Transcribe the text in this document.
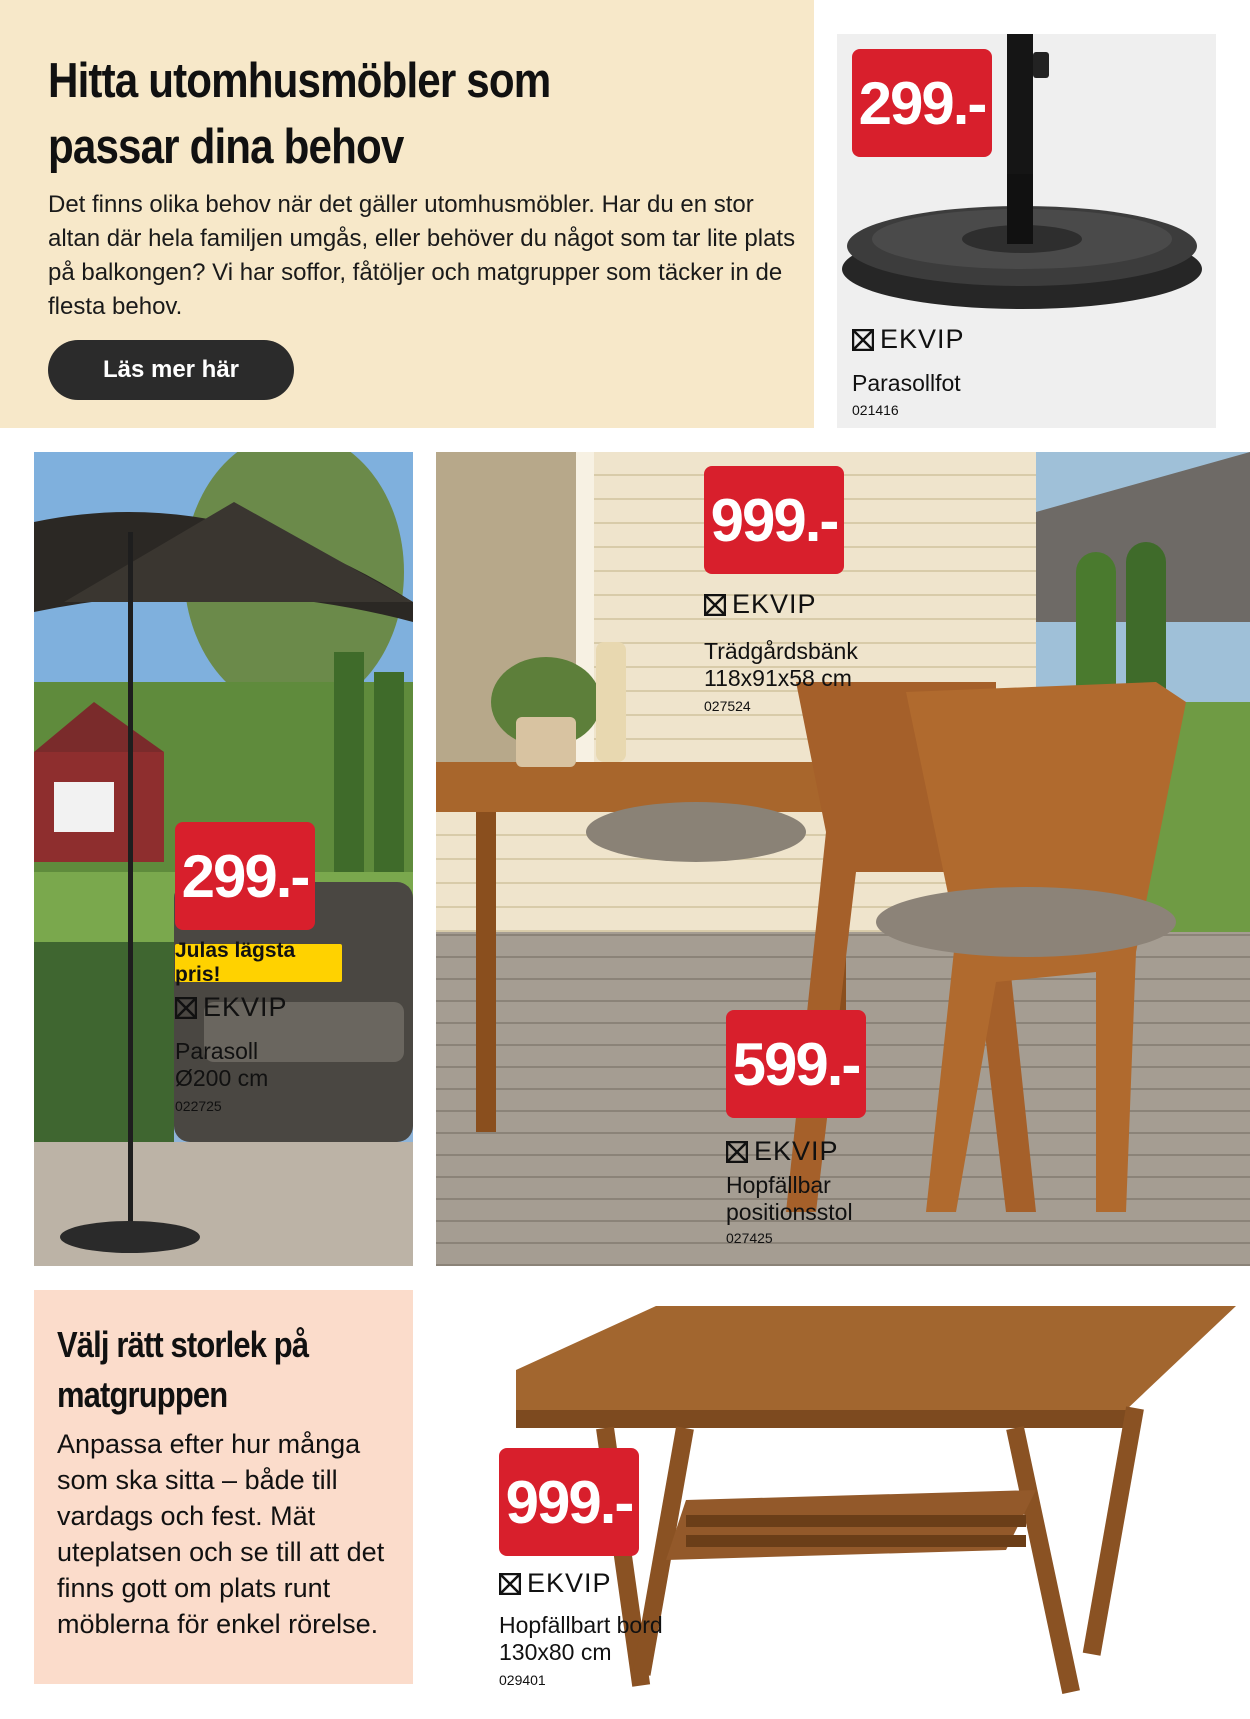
Hitta utomhusmöbler som passar dina behov

Det finns olika behov när det gäller utomhusmöbler. Har du en stor altan där hela familjen umgås, eller behöver du något som tar lite plats på balkongen? Vi har soffor, fåtöljer och matgrupper som täcker in de flesta behov.

Läs mer här
299.-
EKVIP
Parasollfot
021416
299.-
Julas lägsta pris!
EKVIP
Parasoll
Ø200 cm
022725
999.-
EKVIP
Trädgårdsbänk
118x91x58 cm
027524
599.-
EKVIP
Hopfällbar
positionsstol
027425
Välj rätt storlek på matgruppen

Anpassa efter hur många som ska sitta – både till vardags och fest. Mät uteplatsen och se till att det finns gott om plats runt möblerna för enkel rörelse.

999.-
EKVIP
Hopfällbart bord
130x80 cm
029401
